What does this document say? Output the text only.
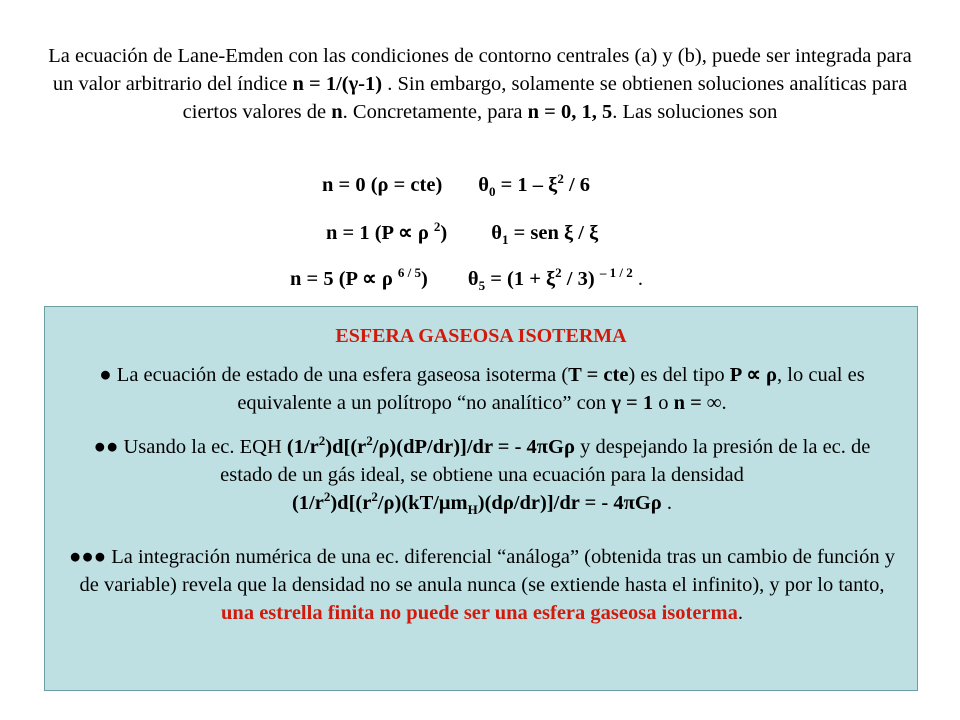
La ecuación de Lane-Emden con las condiciones de contorno centrales (a) y (b), puede ser integrada para un valor arbitrario del índice n = 1/(γ-1) . Sin embargo, solamente se obtienen soluciones analíticas para ciertos valores de n. Concretamente, para n = 0, 1, 5. Las soluciones son
n = 0 (ρ = cte) $\theta_0 = 1 - \xi^2 / 6$
n = 1 (P ∝ ρ $^2$) $\theta_1$ = sen ξ / ξ
n = 5 (P ∝ ρ $^{6 / 5}$) $\theta_5 = (1 + \xi^2 / 3)$ $^{- 1 / 2}$ .
ESFERA GASEOSA ISOTERMA
● La ecuación de estado de una esfera gaseosa isoterma (T = cte) es del tipo P ∝ ρ, lo cual es equivalente a un polítropo “no analítico” con γ = 1 o n = ∞.
●● Usando la ec. EQH $(1/r^2)d[(r^2/\rho)(dP/dr)]/dr$ = - 4πGρ y despejando la presión de la ec. de estado de un gás ideal, se obtiene una ecuación para la densidad
$(1/r^2)d[(r^2/\rho)(kT/\mu m_H)(d\rho/dr)]/dr$ = - 4πGρ .
●●● La integración numérica de una ec. diferencial “análoga” (obtenida tras un cambio de función y de variable) revela que la densidad no se anula nunca (se extiende hasta el infinito), y por lo tanto, una estrella finita no puede ser una esfera gaseosa isoterma.
